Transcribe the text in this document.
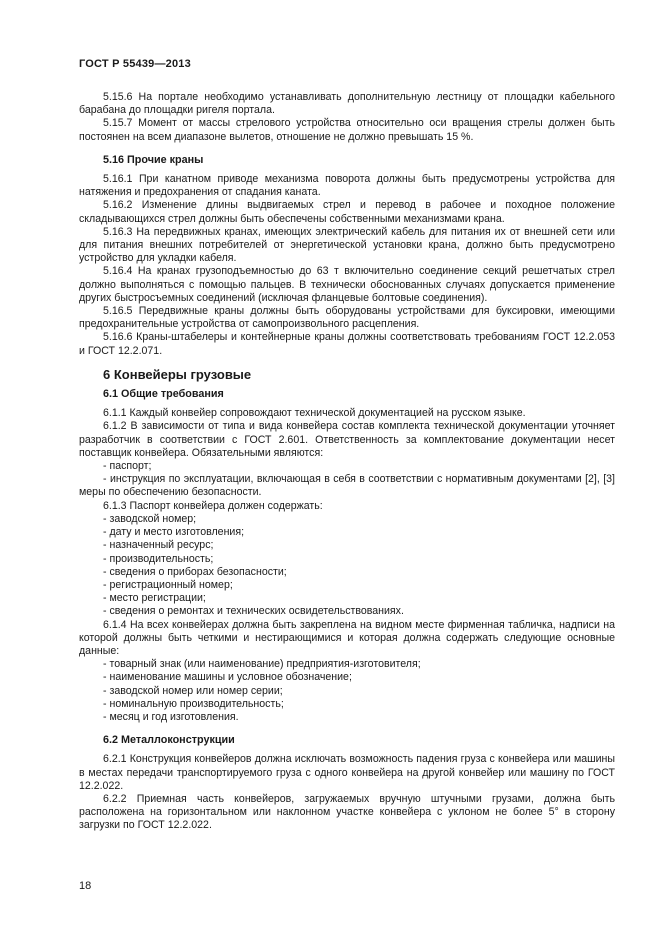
ГОСТ Р 55439—2013

5.15.6 На портале необходимо устанавливать дополнительную лестницу от площадки кабельного барабана до площадки ригеля портала.

5.15.7 Момент от массы стрелового устройства относительно оси вращения стрелы должен быть постоянен на всем диапазоне вылетов, отношение не должно превышать 15 %.

5.16 Прочие краны

5.16.1 При канатном приводе механизма поворота должны быть предусмотрены устройства для натяжения и предохранения от спадания каната.

5.16.2 Изменение длины выдвигаемых стрел и перевод в рабочее и походное положение складывающихся стрел должны быть обеспечены собственными механизмами крана.

5.16.3 На передвижных кранах, имеющих электрический кабель для питания их от внешней сети или для питания внешних потребителей от энергетической установки крана, должно быть предусмотрено устройство для укладки кабеля.

5.16.4 На кранах грузоподъемностью до 63 т включительно соединение секций решетчатых стрел должно выполняться с помощью пальцев. В технически обоснованных случаях допускается применение других быстросъемных соединений (исключая фланцевые болтовые соединения).

5.16.5 Передвижные краны должны быть оборудованы устройствами для буксировки, имеющими предохранительные устройства от самопроизвольного расцепления.

5.16.6 Краны-штабелеры и контейнерные краны должны соответствовать требованиям ГОСТ 12.2.053 и ГОСТ 12.2.071.

6 Конвейеры грузовые
6.1 Общие требования

6.1.1 Каждый конвейер сопровождают технической документацией на русском языке.

6.1.2 В зависимости от типа и вида конвейера состав комплекта технической документации уточняет разработчик в соответствии с ГОСТ 2.601. Ответственность за комплектование документации несет поставщик конвейера. Обязательными являются:

- паспорт;

- инструкция по эксплуатации, включающая в себя в соответствии с нормативным документами [2], [3] меры по обеспечению безопасности.

6.1.3 Паспорт конвейера должен содержать:

- заводской номер;

- дату и место изготовления;

- назначенный ресурс;

- производительность;

- сведения о приборах безопасности;

- регистрационный номер;

- место регистрации;

- сведения о ремонтах и технических освидетельствованиях.

6.1.4 На всех конвейерах должна быть закреплена на видном месте фирменная табличка, надписи на которой должны быть четкими и нестирающимися и которая должна содержать следующие основные данные:

- товарный знак (или наименование) предприятия-изготовителя;

- наименование машины и условное обозначение;

- заводской номер или номер серии;

- номинальную производительность;

- месяц и год изготовления.

6.2 Металлоконструкции

6.2.1 Конструкция конвейеров должна исключать возможность падения груза с конвейера или машины в местах передачи транспортируемого груза с одного конвейера на другой конвейер или машину по ГОСТ 12.2.022.

6.2.2 Приемная часть конвейеров, загружаемых вручную штучными грузами, должна быть расположена на горизонтальном или наклонном участке конвейера с уклоном не более 5° в сторону загрузки по ГОСТ 12.2.022.

18
